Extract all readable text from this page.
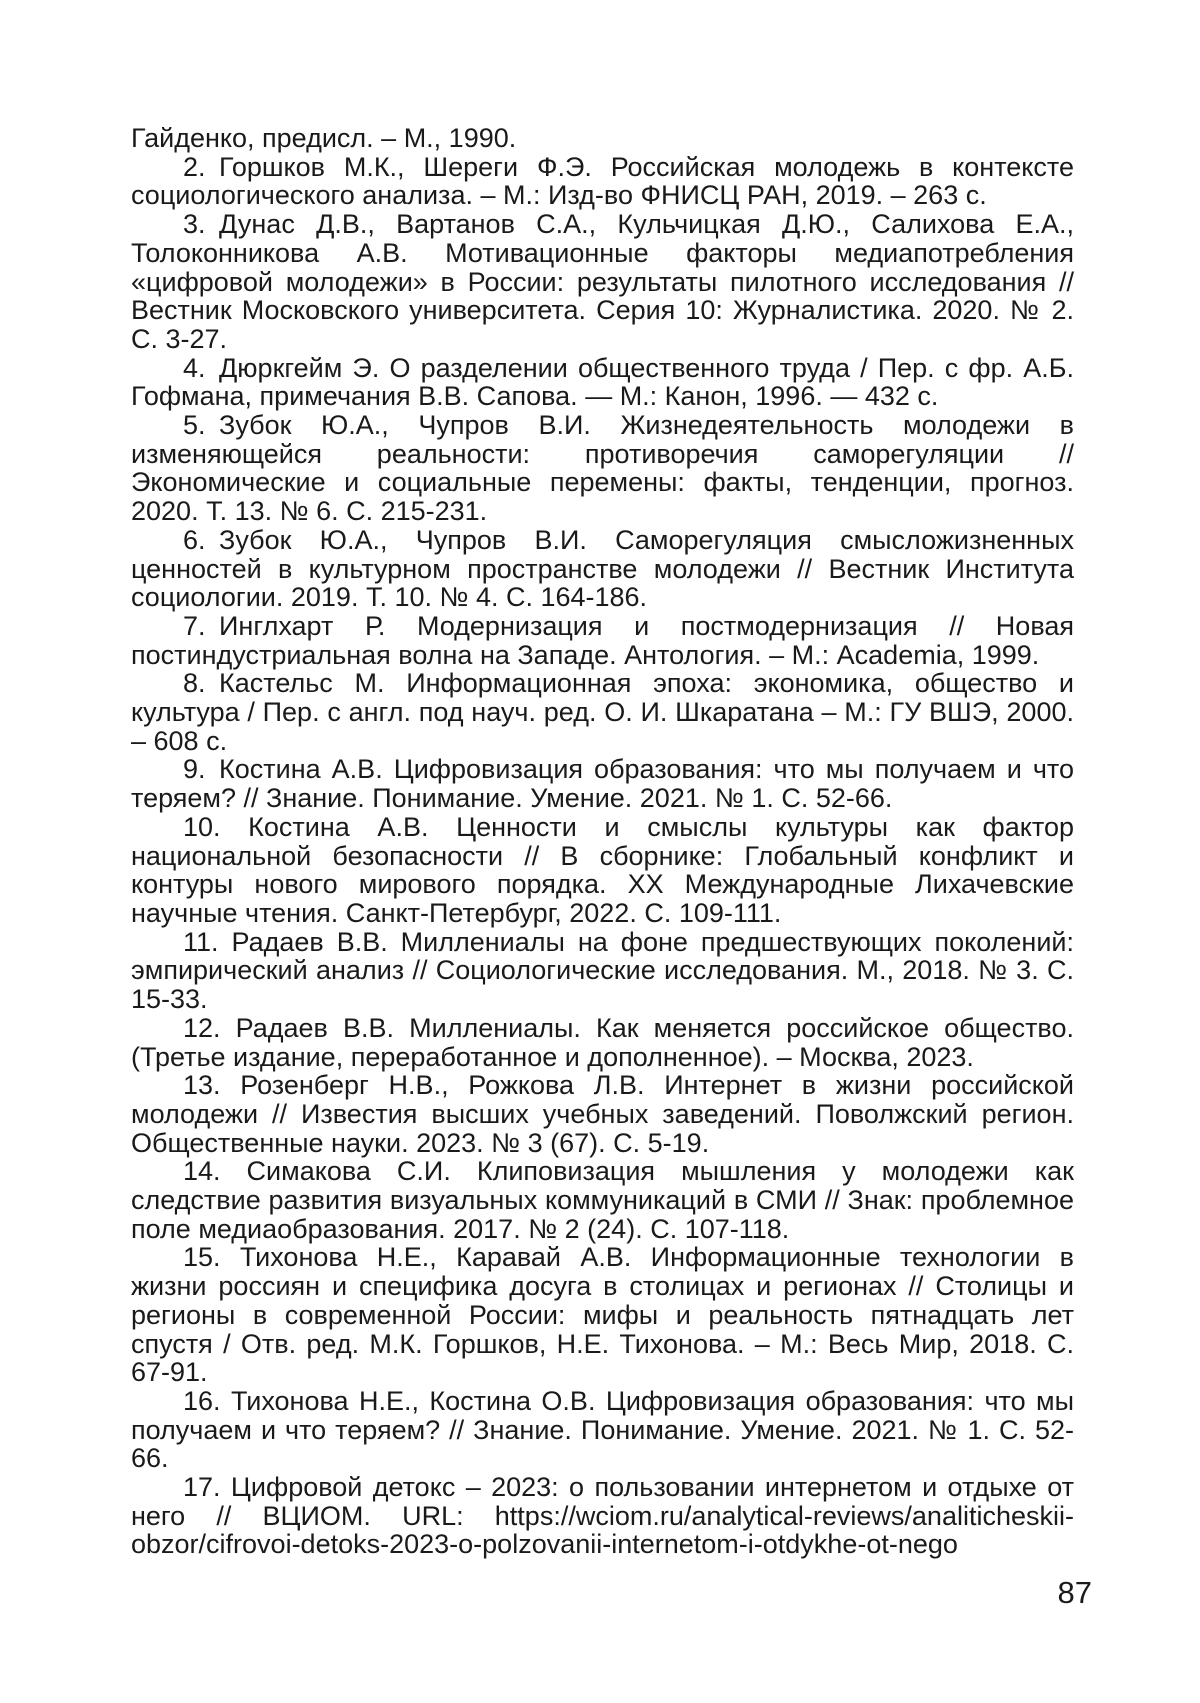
Гайденко, предисл. – М., 1990.

2. Горшков М.К., Шереги Ф.Э. Российская молодежь в контексте социологического анализа. – М.: Изд-во ФНИСЦ РАН, 2019. – 263 с.

3. Дунас Д.В., Вартанов С.А., Кульчицкая Д.Ю., Салихова Е.А., Толоконникова А.В. Мотивационные факторы медиапотребления «цифровой молодежи» в России: результаты пилотного исследования // Вестник Московского университета. Серия 10: Журналистика. 2020. № 2. С. 3-27.

4. Дюркгейм Э. О разделении общественного труда / Пер. с фр. А.Б. Гофмана, примечания В.В. Сапова. — М.: Канон, 1996. — 432 с.

5. Зубок Ю.А., Чупров В.И. Жизнедеятельность молодежи в изменяющейся реальности: противоречия саморегуляции // Экономические и социальные перемены: факты, тенденции, прогноз. 2020. Т. 13. № 6. С. 215-231.

6. Зубок Ю.А., Чупров В.И. Саморегуляция смысложизненных ценностей в культурном пространстве молодежи // Вестник Института социологии. 2019. Т. 10. № 4. С. 164-186.

7. Инглхарт Р. Модернизация и постмодернизация // Новая постиндустриальная волна на Западе. Антология. – М.: Academia, 1999.

8. Кастельс М. Информационная эпоха: экономика, общество и культура / Пер. с англ. под науч. ред. О. И. Шкаратана – М.: ГУ ВШЭ, 2000. – 608 с.

9. Костина А.В. Цифровизация образования: что мы получаем и что теряем? // Знание. Понимание. Умение. 2021. № 1. С. 52-66.

10. Костина А.В. Ценности и смыслы культуры как фактор национальной безопасности // В сборнике: Глобальный конфликт и контуры нового мирового порядка. XX Международные Лихачевские научные чтения. Санкт-Петербург, 2022. С. 109-111.

11. Радаев В.В. Миллениалы на фоне предшествующих поколений: эмпирический анализ // Социологические исследования. М., 2018. № 3. С. 15-33.

12. Радаев В.В. Миллениалы. Как меняется российское общество. (Третье издание, переработанное и дополненное). – Москва, 2023.

13. Розенберг Н.В., Рожкова Л.В. Интернет в жизни российской молодежи // Известия высших учебных заведений. Поволжский регион. Общественные науки. 2023. № 3 (67). С. 5-19.

14. Симакова С.И. Клиповизация мышления у молодежи как следствие развития визуальных коммуникаций в СМИ // Знак: проблемное поле медиаобразования. 2017. № 2 (24). С. 107-118.

15. Тихонова Н.Е., Каравай А.В. Информационные технологии в жизни россиян и специфика досуга в столицах и регионах // Столицы и регионы в современной России: мифы и реальность пятнадцать лет спустя / Отв. ред. М.К. Горшков, Н.Е. Тихонова. – М.: Весь Мир, 2018. С. 67-91.

16. Тихонова Н.Е., Костина О.В. Цифровизация образования: что мы получаем и что теряем? // Знание. Понимание. Умение. 2021. № 1. С. 52-66.

17. Цифровой детокс – 2023: о пользовании интернетом и отдыхе от него // ВЦИОМ. URL: https://wciom.ru/analytical-reviews/analiticheskii-obzor/cifrovoi-detoks-2023-o-polzovanii-internetom-i-otdykhe-ot-nego

87
